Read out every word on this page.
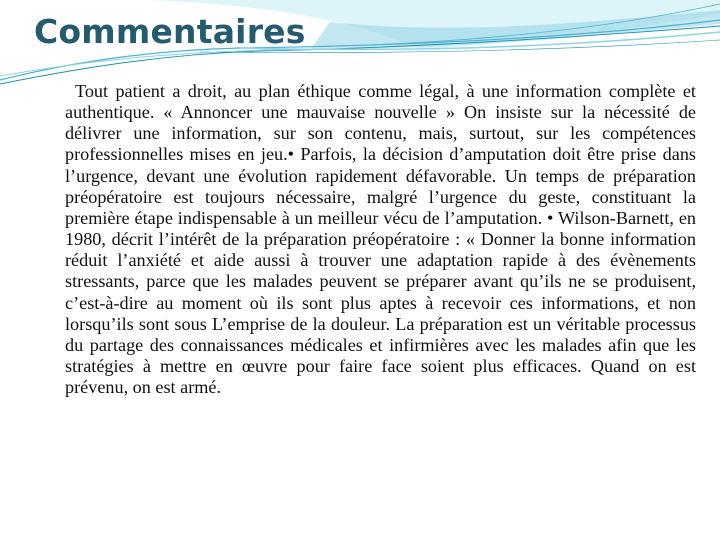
Commentaires

Tout patient a droit, au plan éthique comme légal, à une information complète et authentique. « Annoncer une mauvaise nouvelle » On insiste sur la nécessité de délivrer une information, sur son contenu, mais, surtout, sur les compétences professionnelles mises en jeu.• Parfois, la décision d’amputation doit être prise dans l’urgence, devant une évolution rapidement défavorable. Un temps de préparation préopératoire est toujours nécessaire, malgré l’urgence du geste, constituant la première étape indispensable à un meilleur vécu de l’amputation. • Wilson-Barnett, en 1980, décrit l’intérêt de la préparation préopératoire : « Donner la bonne information réduit l’anxiété et aide aussi à trouver une adaptation rapide à des évènements stressants, parce que les malades peuvent se préparer avant qu’ils ne se produisent, c’est-à-dire au moment où ils sont plus aptes à recevoir ces informations, et non lorsqu’ils sont sous L’emprise de la douleur. La préparation est un véritable processus du partage des connaissances médicales et infirmières avec les malades afin que les stratégies à mettre en œuvre pour faire face soient plus efficaces. Quand on est prévenu, on est armé.
